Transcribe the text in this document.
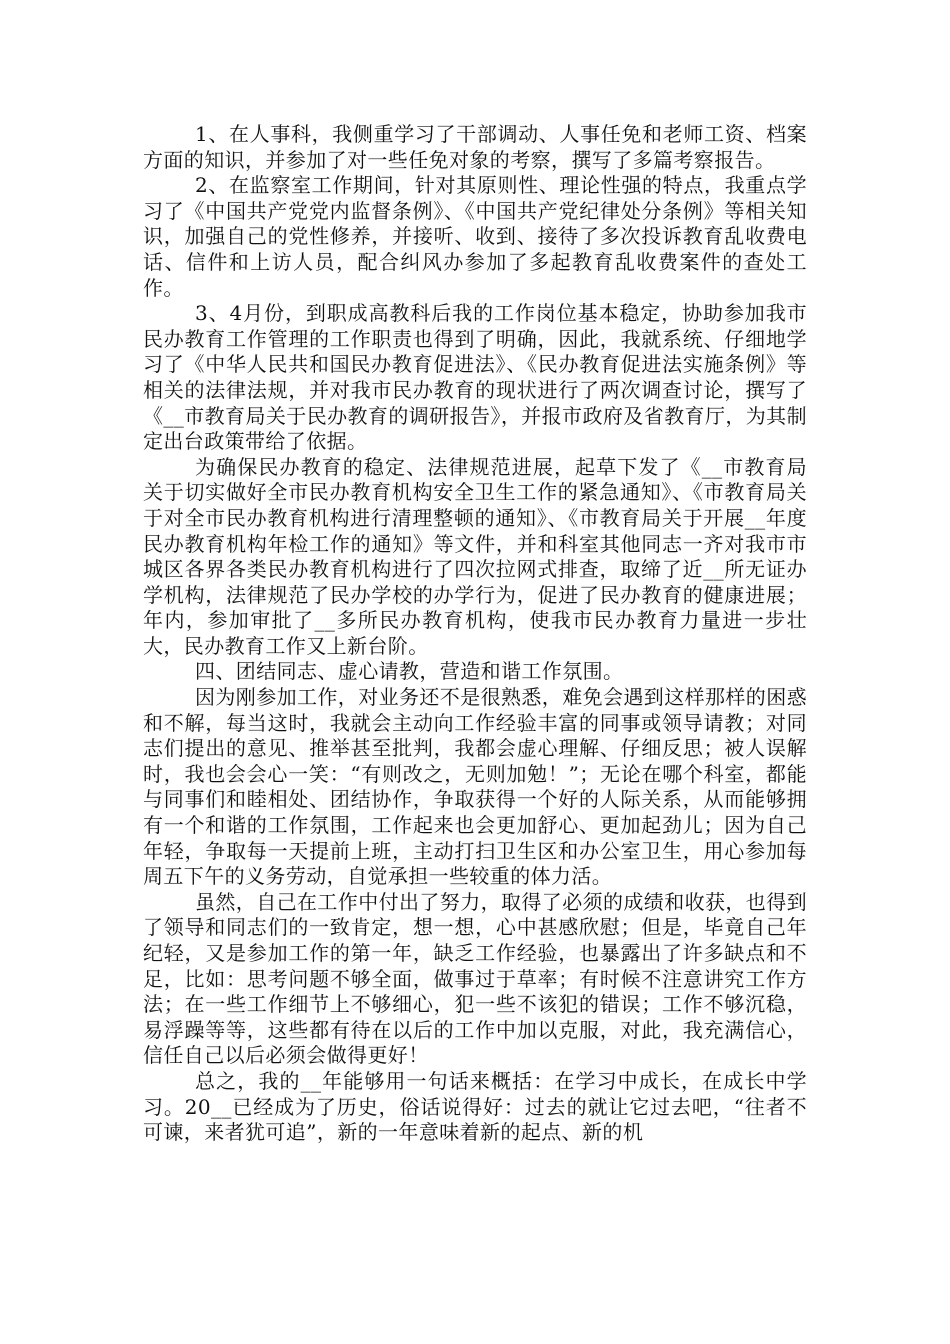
1、在人事科，我侧重学习了干部调动、人事任免和老师工资、档案方面的知识，并参加了对一些任免对象的考察，撰写了多篇考察报告。

2、在监察室工作期间，针对其原则性、理论性强的特点，我重点学习了《中国共产党党内监督条例》、《中国共产党纪律处分条例》等相关知识，加强自己的党性修养，并接听、收到、接待了多次投诉教育乱收费电话、信件和上访人员，配合纠风办参加了多起教育乱收费案件的查处工作。

3、4月份，到职成高教科后我的工作岗位基本稳定，协助参加我市民办教育工作管理的工作职责也得到了明确，因此，我就系统、仔细地学习了《中华人民共和国民办教育促进法》、《民办教育促进法实施条例》等相关的法律法规，并对我市民办教育的现状进行了两次调查讨论，撰写了《__市教育局关于民办教育的调研报告》，并报市政府及省教育厅，为其制定出台政策带给了依据。

为确保民办教育的稳定、法律规范进展，起草下发了《__市教育局关于切实做好全市民办教育机构安全卫生工作的紧急通知》、《市教育局关于对全市民办教育机构进行清理整顿的通知》、《市教育局关于开展__年度民办教育机构年检工作的通知》等文件，并和科室其他同志一齐对我市市城区各界各类民办教育机构进行了四次拉网式排查，取缔了近__所无证办学机构，法律规范了民办学校的办学行为，促进了民办教育的健康进展；年内，参加审批了__多所民办教育机构，使我市民办教育力量进一步壮大，民办教育工作又上新台阶。

四、团结同志、虚心请教，营造和谐工作氛围。

因为刚参加工作，对业务还不是很熟悉，难免会遇到这样那样的困惑和不解，每当这时，我就会主动向工作经验丰富的同事或领导请教；对同志们提出的意见、推举甚至批判，我都会虚心理解、仔细反思；被人误解时，我也会会心一笑：“有则改之，无则加勉！”；无论在哪个科室，都能与同事们和睦相处、团结协作，争取获得一个好的人际关系，从而能够拥有一个和谐的工作氛围，工作起来也会更加舒心、更加起劲儿；因为自己年轻，争取每一天提前上班，主动打扫卫生区和办公室卫生，用心参加每周五下午的义务劳动，自觉承担一些较重的体力活。

虽然，自己在工作中付出了努力，取得了必须的成绩和收获，也得到了领导和同志们的一致肯定，想一想，心中甚感欣慰；但是，毕竟自己年纪轻，又是参加工作的第一年，缺乏工作经验，也暴露出了许多缺点和不足，比如：思考问题不够全面，做事过于草率；有时候不注意讲究工作方法；在一些工作细节上不够细心，犯一些不该犯的错误；工作不够沉稳，易浮躁等等，这些都有待在以后的工作中加以克服，对此，我充满信心，信任自己以后必须会做得更好！

总之，我的__年能够用一句话来概括：在学习中成长，在成长中学习。20__已经成为了历史，俗话说得好：过去的就让它过去吧，“往者不可谏，来者犹可追”，新的一年意味着新的起点、新的机
